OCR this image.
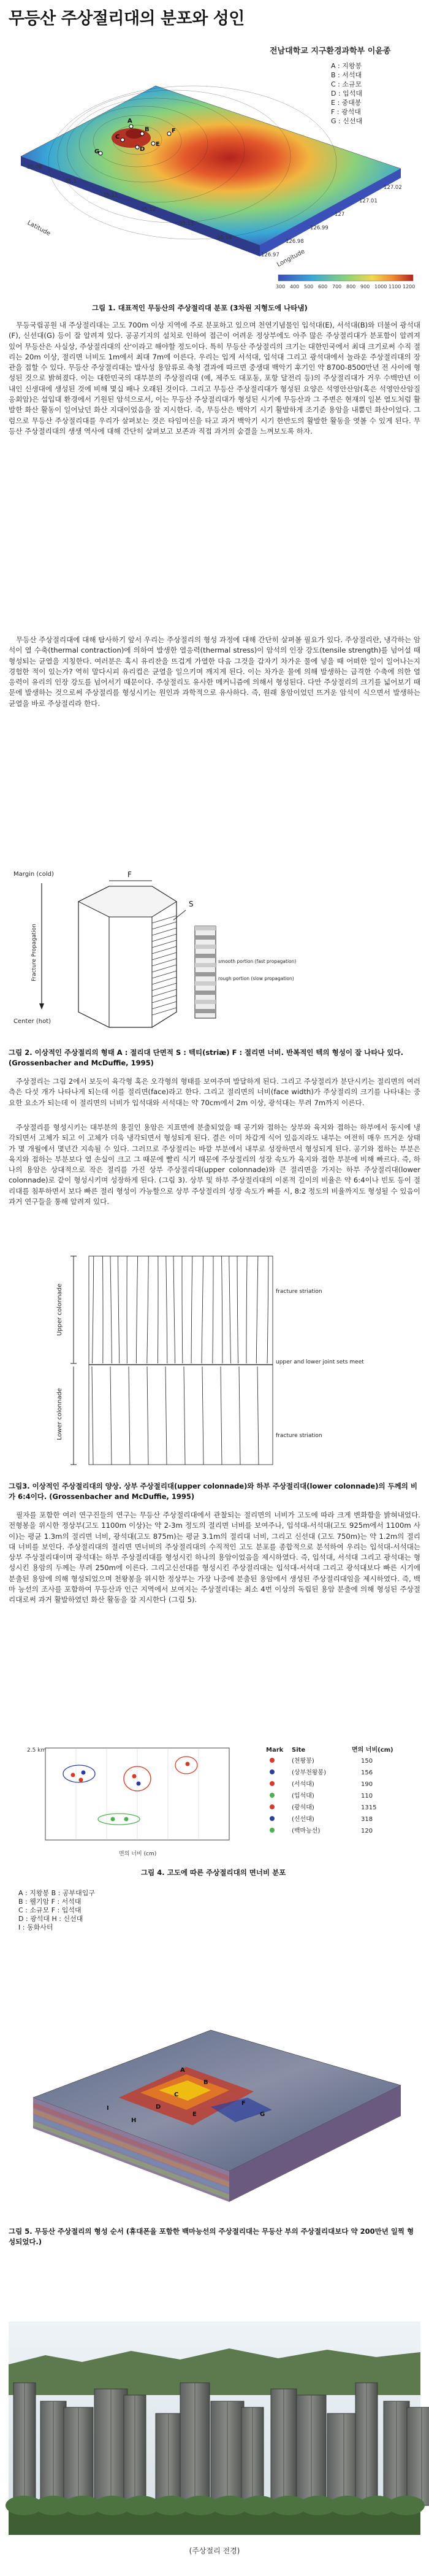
무등산 주상절리대의 분포와 성인
전남대학교 지구환경과학부 이윤종
A
B
C
D
E
F
G
35.09
35.1
35.11
35.12
35.13
35.14
126.97
126.98
126.99
127
127.01
127.02
Latitude
Longitude
300 400 500 600 700 800 900 1000 1100 1200
A : 지왕봉
B : 서석대
C : 소규모
D : 입석대
E : 중대봉
F : 광석대
G : 신선대
그림 1. 대표적인 무등산의 주상절리대 분포 (3차원 지형도에 나타냄)

무등국립공원 내 주상절리대는 고도 700m 이상 지역에 주로 분포하고 있으며 천연기념물인 입석대(E), 서석대(B)와 더불어 광석대(F), 신선대(G) 등이 잘 알려져 있다. 공공기지의 설치로 인하여 접근이 어려운 정상부에도 아주 많은 주상절리대가 분포함이 알려져 있어 무등산은 사실상, 주상절리대의 산'이라고 해야할 정도이다. 특히 무등산 주상절리의 크기는 대한민국에서 최대 크기로써 수직 절리는 20m 이상, 절리면 너비도 1m에서 최대 7m에 이른다. 우리는 입게 서석대, 입석대 그리고 광석대에서 놀라운 주상절리대의 장관을 접할 수 있다. 무등산 주상절리대는 발사성 용암류로 축청 결과에 따르면 중생대 백악기 후기인 약 8700-8500만년 전 사이에 형성된 것으로 밝혀졌다. 이는 대한민국의 대부분의 주상절리대 (예, 제주도 대포동, 포항 달전리 등)의 주상절리대가 거우 수백만년 이내인 신생대에 생성된 것에 비해 몇십 배나 오래된 것이다. 그리고 무등산 주상절리대가 형성된 요양은 석영안산암(혹은 석영안산암질 응회암)은 섭입대 환경에서 기원된 암석으로서, 이는 무등산 주상절리대가 형성된 시기에 무등산과 그 주변은 현재의 일본 열도처럼 활발한 화산 활동이 일어났던 화산 지대이었음을 잘 지시한다. 즉, 무등산은 백악기 시기 활발하게 조기준 용암을 내뿜던 화산이었다. 그럼으로 무등산 주상절리대를 우리가 살펴보는 것은 타임머신을 타고 과거 백악기 시기 한반도의 활발한 활동을 엿볼 수 있게 된다. 무등산 주상절리대의 생생 역사에 대해 간단히 살펴보고 보존과 직접 과거의 숨결을 느껴보도록 하자.

무등산 주상절리대에 대해 탐사하기 앞서 우리는 주상절리의 형성 과정에 대해 간단히 살펴볼 필요가 있다. 주상절리란, 냉각하는 암석이 열 수축(thermal contraction)에 의하여 발생한 열응력(thermal stress)이 암석의 인장 강도(tensile strength)를 넘어설 때 형성되는 균열을 지칭한다. 여러분은 혹시 유리잔을 뜨겁게 가열한 다음 그것을 갑자기 차가운 물에 넣을 때 어떠한 일이 일어나는지 경험한 적이 있는가? 역히 말다시피 유리컵은 균열을 일으키며 깨지게 된다. 이는 차가운 물에 의해 발생하는 급격한 수축에 의한 열 응력이 유리의 인장 강도를 넘어서기 때문이다. 주상절리도 유사한 메커니즘에 의해서 형성된다. 다만 주상절리의 크기를 넓어보기 때문에 발생하는 것으로써 주상절리를 형성시키는 원인과 과학적으로 유사하다. 즉, 원래 용암이었던 뜨거운 암석이 식으면서 발생하는 균열을 바로 주상절리라 한다.

Margin (cold)
Center (hot)
Fracture Propagation
F
S
smooth portion (fast propagation)
rough portion (slow propagation)
그림 2. 이상적인 주상절리의 형태 A : 절리대 단면적 S : 텍티(striæ) F : 절리면 너비. 반복적인 텍의 형성이 잘 나타나 있다. (Grossenbacher and McDuffie, 1995)

주상절리는 그림 2에서 보듯이 육각형 혹은 오각형의 형태를 보여주며 발달하게 된다. 그리고 주상절리가 분단시키는 절리면의 여러 측은 다섯 개가 나타나게 되는데 이를 절리면(face)라고 한다. 그리고 절리면의 너비(face width)가 주상절리의 크기를 나타내는 중요한 요소가 되는데 이 절리면의 너비가 입석대와 서석대는 약 70cm에서 2m 이상, 광석대는 무려 7m까지 이른다.

주상절리를 형성시키는 대부분의 용질인 용암은 지표면에 분출되었을 때 공기와 접하는 상부와 육지와 접하는 하부에서 동시에 냉각되면서 고체가 되고 이 고체가 더욱 냉각되면서 형성되게 된다. 결은 이미 차갑게 식어 있음지라도 내부는 여전히 매우 뜨거운 상태가 몇 개월에서 몇년간 지속될 수 있다. 그러므로 주상절리는 바깥 부분에서 내부로 성장하면서 형성되게 된다. 공기와 접하는 부분은 육지와 접하는 부분보다 열 손실이 크고 그 때문에 빨리 식기 때문에 주상절리의 성장 속도가 육지와 접한 부분에 비해 빠르다. 즉, 하나의 용암은 상대적으로 작은 절리를 가진 상부 주상절리대(upper colonnade)와 큰 절리면을 가지는 하부 주상절리대(lower colonnade)로 같이 형성시키며 성장하게 된다. (그림 3). 상부 및 하부 주상절리대의 이론적 길이의 비율은 약 6:4이나 빈토 등이 절리대를 침투하면서 보다 빠른 절리 형성이 가능할으로 상부 주상절리의 성장 속도가 빠를 시, 8:2 정도의 비율까지도 형성될 수 있음이 과거 연구들을 통해 알려져 있다.

Upper colonnade
Lower colonnade
fracture striation
upper and lower joint sets meet
fracture striation
그림3. 이상적인 주상절리대의 양상. 상부 주상절리대(upper colonnade)와 하부 주상절리대(lower colonnade)의 두께의 비가 6:4이다. (Grossenbacher and McDuffie, 1995)

필자를 포함한 여러 연구진들의 연구는 무등산 주상절리대에서 관찰되는 절리면의 너비가 고도에 따라 크게 변화함을 밝혀내었다. 전형봉을 위시한 정상부(고도 1100m 이상)는 약 2-3m 정도의 절리면 너비를 보여주나, 입석대-서석대(고도 925m에서 1100m 사이)는 평균 1.3m의 절리면 너비, 광석대(고도 875m)는 평균 3.1m의 절리대 너비, 그리고 신선대 (고도 750m)는 약 1.2m의 절리대 너비를 보인다. 주상절리대의 절리면 면너비의 주상절리대의 수직적인 고도 분포를 종합적으로 분석하여 우리는 입석대-서석대는 상부 주상절리대이며 광석대는 하부 주상절리대를 형성시킨 하나의 용암이었음을 제시하였다. 즉, 입석대, 서석대 그리고 광석대는 형성시킨 용암의 두께는 무려 250m에 이른다. 그리고신선대를 형성시킨 주상절리대는 입석대-서석대 그리고 광석대보다 빠른 시기에 분출된 용암에 의해 형성되었으며 천왕봉을 위시한 정상부는 가장 나중에 분출된 용암에서 생성된 주상절리대임을 제시하였다. 즉, 백마 능선의 조사를 포함하여 무등산과 인근 지역에서 보여지는 주상절리대는 최소 4번 이상의 독립된 용암 분출에 의해 형성된 주상절리대로써 과거 활발하였던 화산 활동을 잘 지시한다 (그림 5).

2.5 km
면의 너비 (cm)
Mark Site	면의 너비(cm)
(천왕봉)	150
(상부천왕봉)	156
(서석대)	190
(입석대)	110
(광석대)	1315
(신선대)	318
(백마능선)	120
그림 4. 고도에 따른 주상절리대의 면너비 분포
A : 지왕봉 B : 공부대입구
B : 웰기암 F : 서석대
C : 소규모 F : 입석대
D : 광석대 H : 신선대
I : 동화사터
A
B
C
D
E
F
G
H
I
그림 5. 무등산 주상절리의 형성 순서 (휴대폰을 포함한 백마능선의 주상절리대는 무등산 부의 주상절리대보다 약 200만년 일찍 형성되었다.)
(주상절리 전경)
